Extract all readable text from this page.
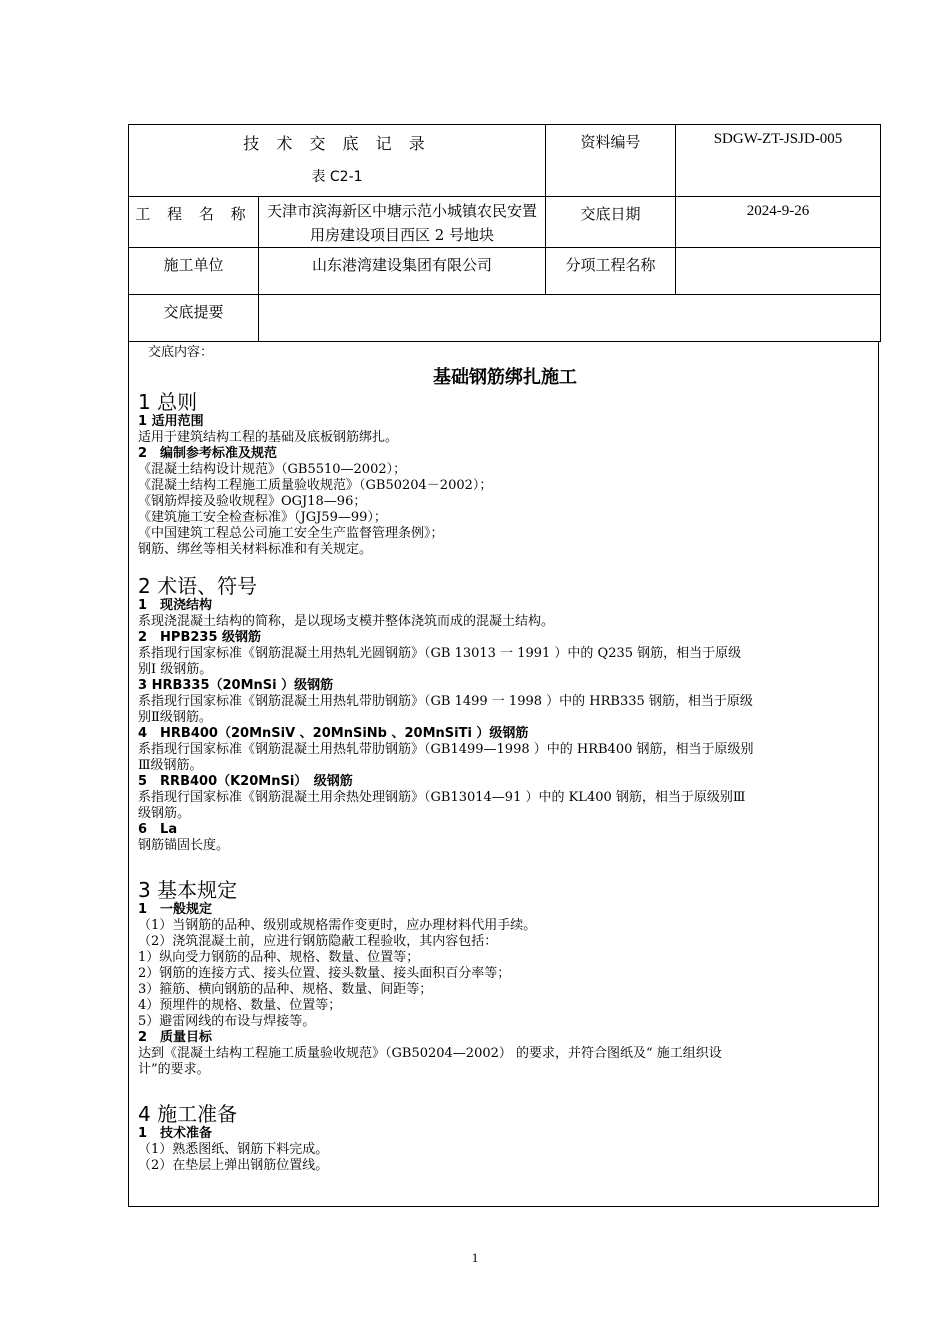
技 术 交 底 记 录
表 C2-1		资料编号	SDGW-ZT-JSJD-005
工 程 名 称	天津市滨海新区中塘示范小城镇农民安置
用房建设项目西区 2 号地块	交底日期	2024-9-26
施工单位	山东港湾建设集团有限公司	分项工程名称	
交底提要			
交底内容：
基础钢筋绑扎施工
1 总则
1 适用范围
适用于建筑结构工程的基础及底板钢筋绑扎。
2　编制参考标准及规范
《混凝土结构设计规范》（GB5510—2002）；
《混凝土结构工程施工质量验收规范》（GB50204－2002）；
《钢筋焊接及验收规程》OGJ18—96；
《建筑施工安全检查标准》（JGJ59—99）；
《中国建筑工程总公司施工安全生产监督管理条例》；
钢筋、绑丝等相关材料标准和有关规定。
2 术语、符号
1　现浇结构
系现浇混凝土结构的简称，是以现场支模并整体浇筑而成的混凝土结构。
2　HPB235 级钢筋
系指现行国家标准《钢筋混凝土用热轧光圆钢筋》（GB 13013 一 1991 ）中的 Q235 钢筋，相当于原级
别Ⅰ 级钢筋。
3 HRB335（20MnSi ）级钢筋
系指现行国家标准《钢筋混凝土用热轧带肋钢筋》（GB 1499 一 1998 ）中的 HRB335 钢筋，相当于原级
别Ⅱ级钢筋。
4　HRB400（20MnSiV 、20MnSiNb 、20MnSiTi ）级钢筋
系指现行国家标准《钢筋混凝土用热轧带肋钢筋》（GB1499—1998 ）中的 HRB400 钢筋，相当于原级别
Ⅲ级钢筋。
5　RRB400（K20MnSi）　级钢筋
系指现行国家标准《钢筋混凝土用余热处理钢筋》（GB13014—91 ）中的 KL400 钢筋，相当于原级别Ⅲ
级钢筋。
6　La
钢筋锚固长度。
3 基本规定
1　一般规定
（1）当钢筋的品种、级别或规格需作变更时，应办理材料代用手续。
（2）浇筑混凝土前，应进行钢筋隐蔽工程验收，其内容包括：
1）纵向受力钢筋的品种、规格、数量、位置等；
2）钢筋的连接方式、接头位置、接头数量、接头面积百分率等；
3）箍筋、横向钢筋的品种、规格、数量、间距等；
4）预埋件的规格、数量、位置等；
5）避雷网线的布设与焊接等。
2　质量目标
达到《混凝土结构工程施工质量验收规范》（GB50204—2002） 的要求，并符合图纸及“ 施工组织设
计”的要求。
4 施工准备
1　技术准备
（1）熟悉图纸、钢筋下料完成。
（2）在垫层上弹出钢筋位置线。
1
